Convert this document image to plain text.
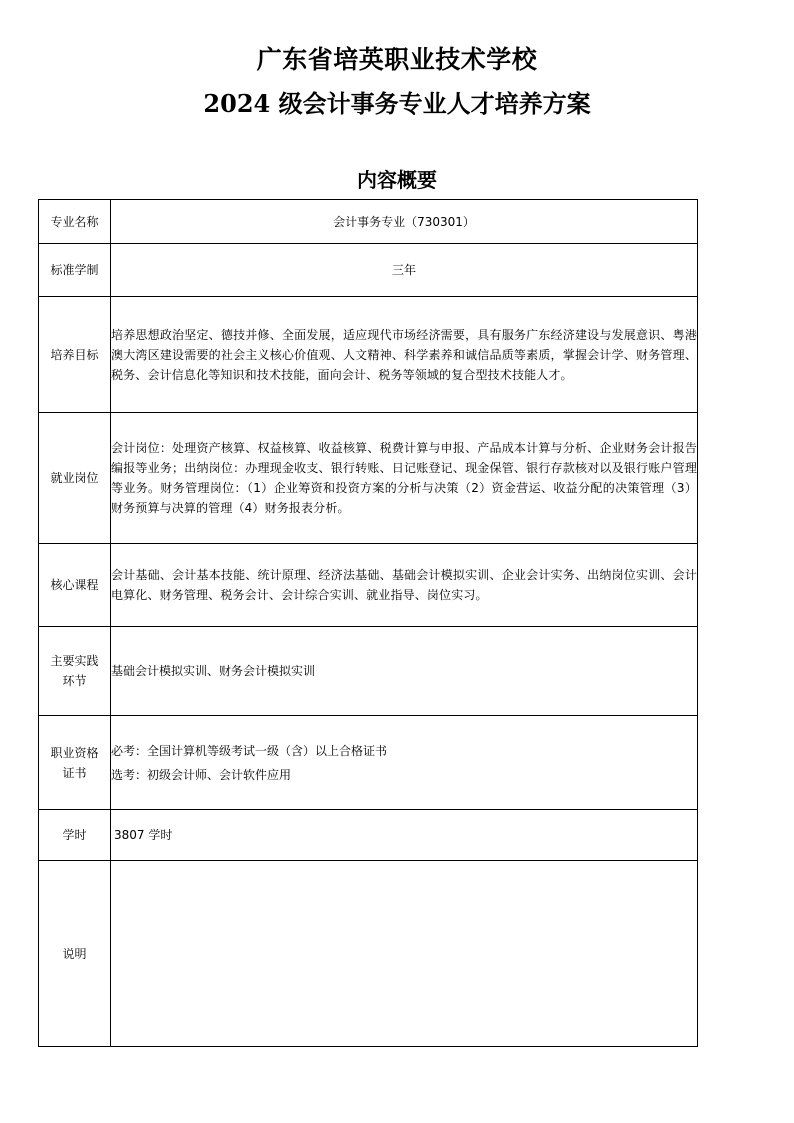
广东省培英职业技术学校
2024 级会计事务专业人才培养方案
内容概要
专业名称	会计事务专业（730301）
标准学制	三年
培养目标	培养思想政治坚定、德技并修、全面发展，适应现代市场经济需要，具有服务广东经济建设与发展意识、粤港澳大湾区建设需要的社会主义核心价值观、人文精神、科学素养和诚信品质等素质，掌握会计学、财务管理、税务、会计信息化等知识和技术技能，面向会计、税务等领域的复合型技术技能人才。
就业岗位	会计岗位：处理资产核算、权益核算、收益核算、税费计算与申报、产品成本计算与分析、企业财务会计报告编报等业务；出纳岗位：办理现金收支、银行转账、日记账登记、现金保管、银行存款核对以及银行账户管理等业务。财务管理岗位：（1）企业筹资和投资方案的分析与决策（2）资金营运、收益分配的决策管理（3）财务预算与决算的管理（4）财务报表分析。
核心课程	会计基础、会计基本技能、统计原理、经济法基础、基础会计模拟实训、企业会计实务、出纳岗位实训、会计电算化、财务管理、税务会计、会计综合实训、就业指导、岗位实习。

主要实践
环节	基础会计模拟实训、财务会计模拟实训

职业资格
证书	必考：全国计算机等级考试一级（含）以上合格证书
选考：初级会计师、会计软件应用

学时	3807 学时
说明	
